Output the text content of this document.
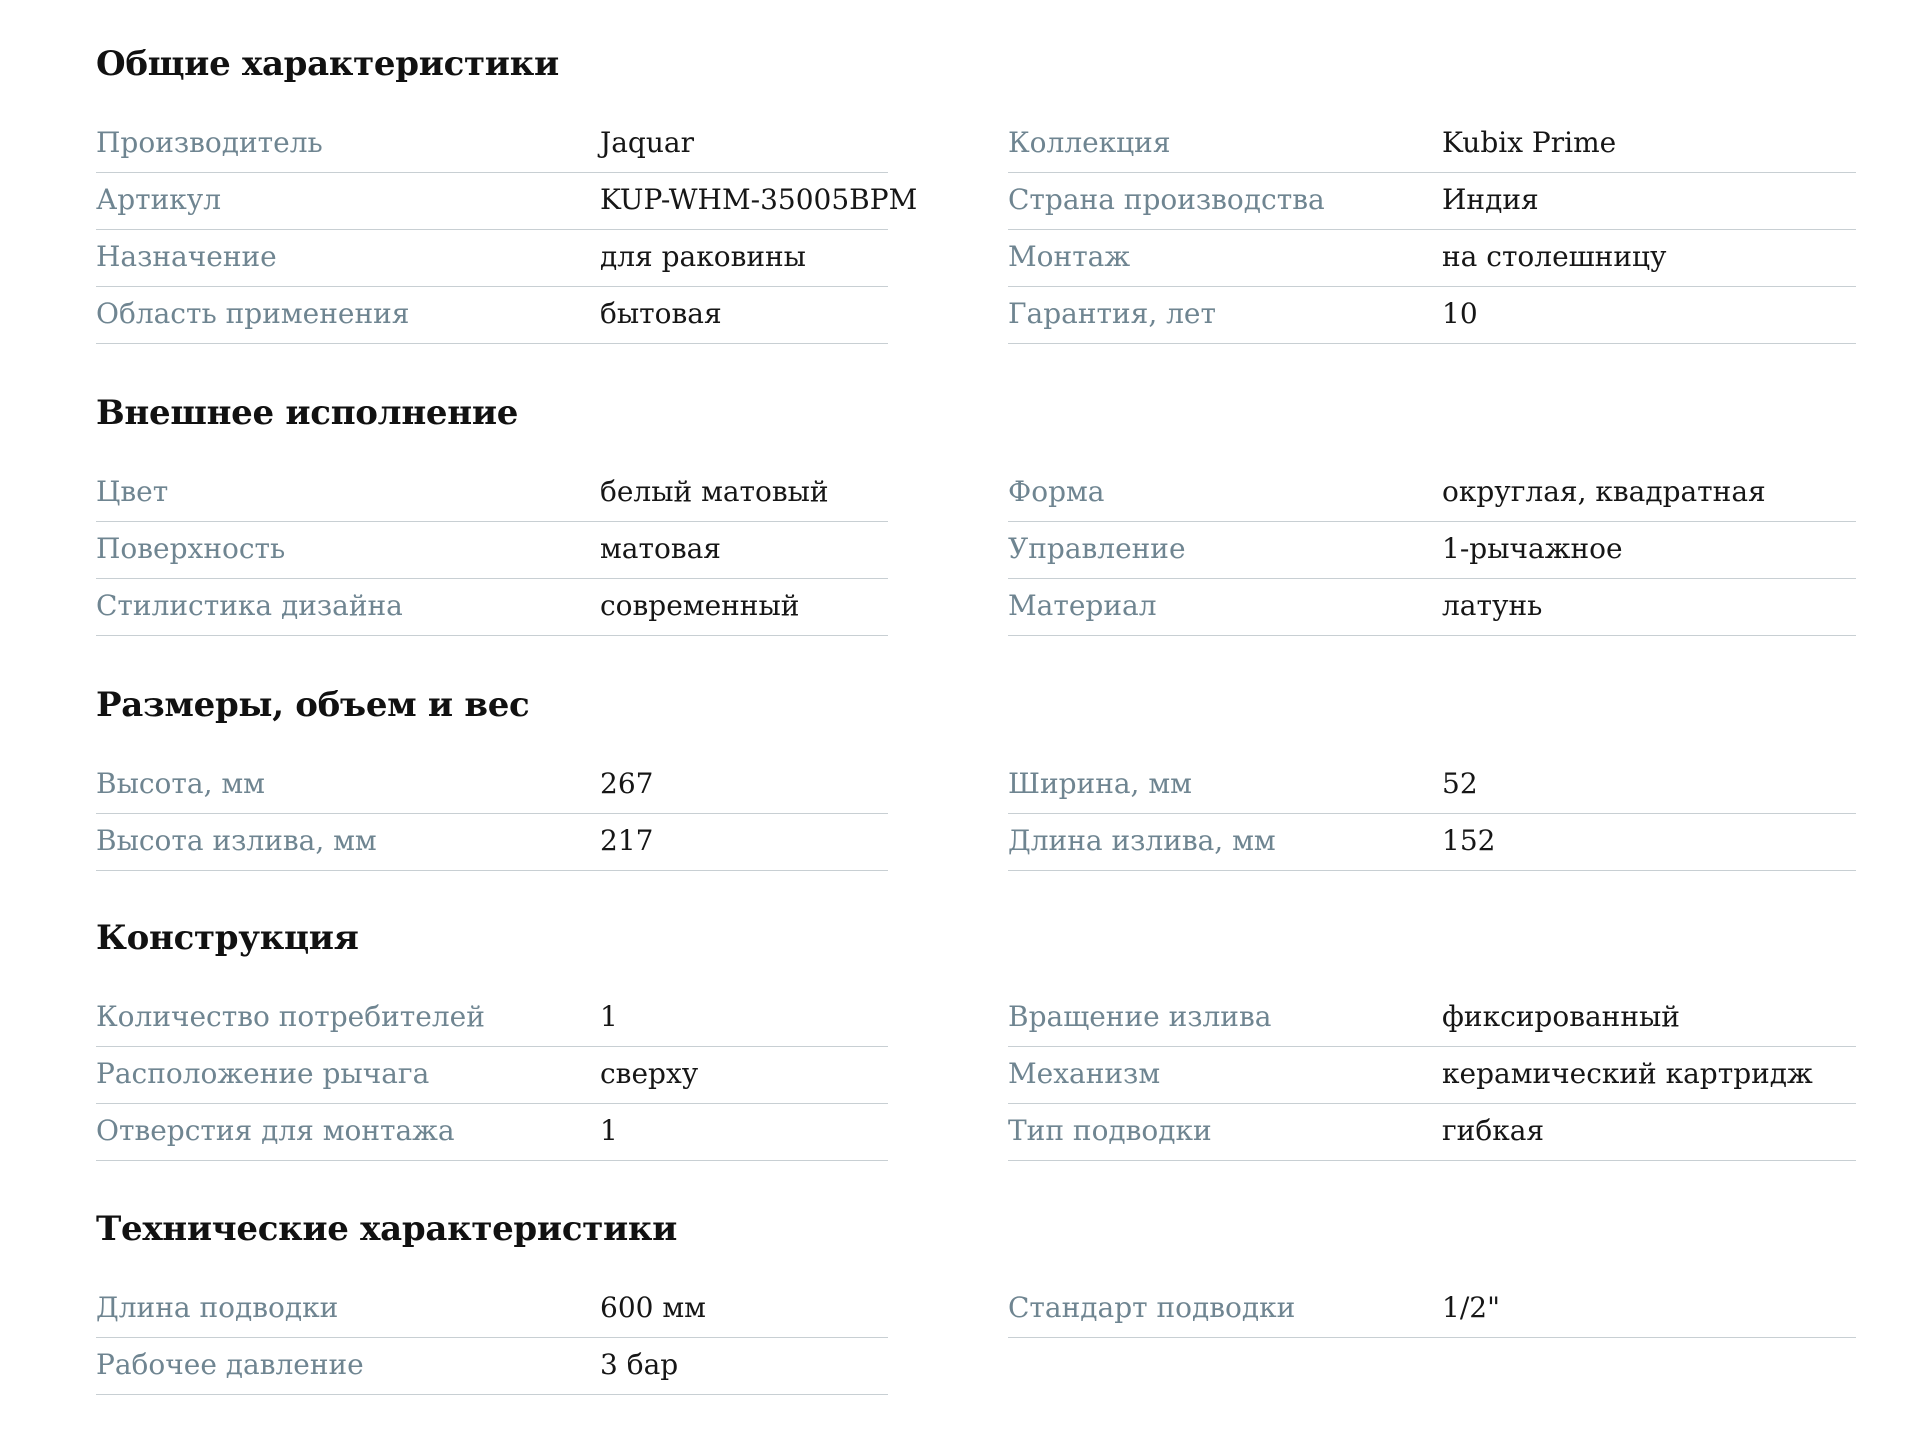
Общие характеристики
Производитель	Jaquar
Артикул	KUP-WHM-35005BPM
Назначение	для раковины
Область применения	бытовая
Коллекция	Kubix Prime
Страна производства	Индия
Монтаж	на столешницу
Гарантия, лет	10
Внешнее исполнение
Цвет	белый матовый
Поверхность	матовая
Стилистика дизайна	современный
Форма	округлая, квадратная
Управление	1-рычажное
Материал	латунь
Размеры, объем и вес
Высота, мм	267
Высота излива, мм	217
Ширина, мм	52
Длина излива, мм	152
Конструкция
Количество потребителей	1
Расположение рычага	сверху
Отверстия для монтажа	1
Вращение излива	фиксированный
Механизм	керамический картридж
Тип подводки	гибкая
Технические характеристики
Длина подводки	600 мм
Рабочее давление	3 бар
Стандарт подводки	1/2"
